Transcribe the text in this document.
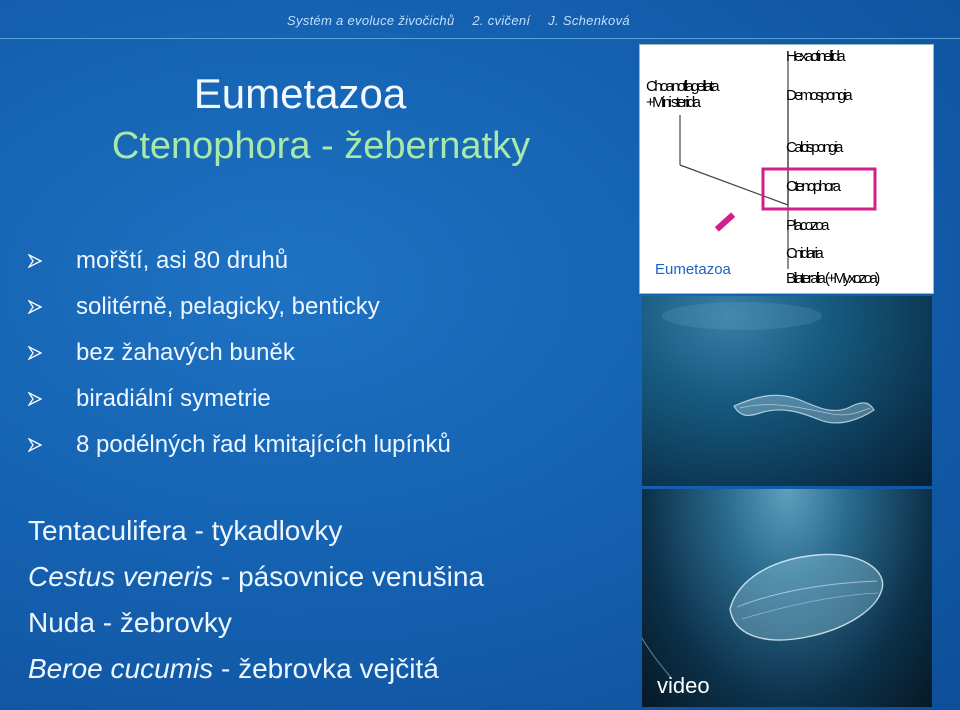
Systém a evoluce živočichů 2. cvičení J. Schenková
Eumetazoa
Ctenophora - žebernatky
mořští, asi 80 druhů
solitérně, pelagicky, benticky
bez žahavých buněk
biradiální symetrie
8 podélných řad kmitajících lupínků
Tentaculifera - tykadlovky
Cestus veneris - pásovnice venušina
Nuda - žebrovky
Beroe cucumis - žebrovka vejčitá
Choanoflagellata
+Mini steriida
Hexactinellida
Demospongia
Calcispongia
Ctenophora
Placozoa
Cnidaria
Bilateralia (+Myxozoa)
Eumetazoa
video
